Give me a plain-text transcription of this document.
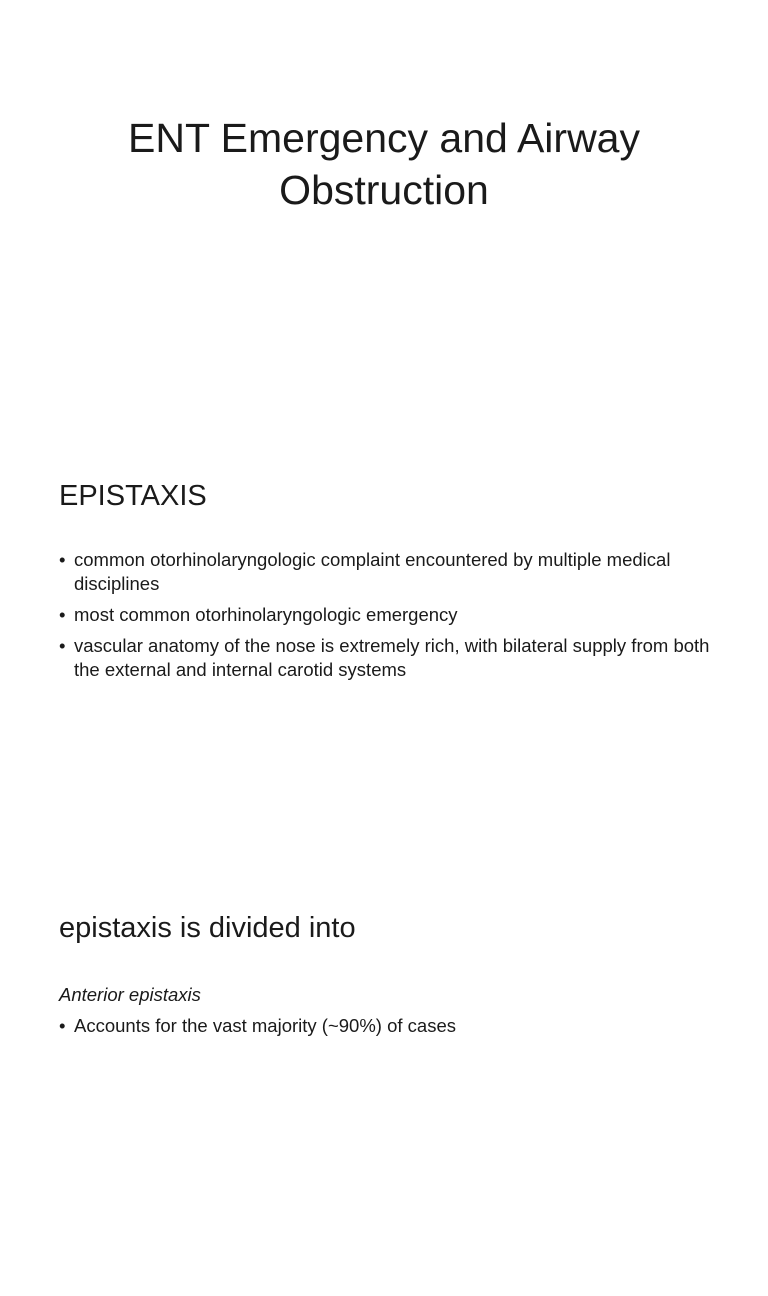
ENT Emergency and Airway
Obstruction
EPISTAXIS
• common otorhinolaryngologic complaint encountered by multiple medical disciplines
• most common otorhinolaryngologic emergency
• vascular anatomy of the nose is extremely rich, with bilateral supply from both the external and internal carotid systems
epistaxis is divided into
Anterior epistaxis
• Accounts for the vast majority (~90%) of cases
